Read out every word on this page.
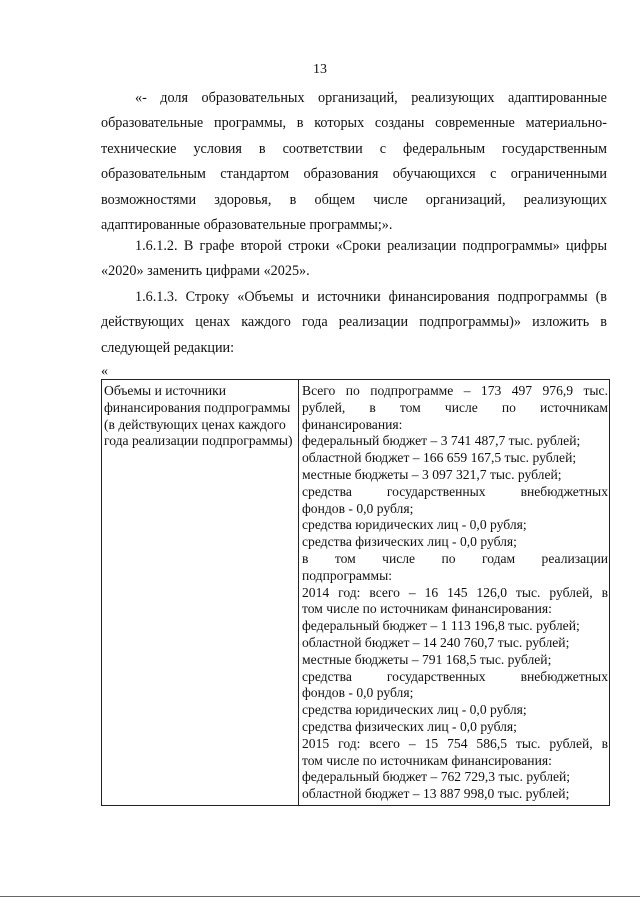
13

«- доля образовательных организаций, реализующих адаптированные образовательные программы, в которых созданы современные материально-технические условия в соответствии с федеральным государственным образовательным стандартом образования обучающихся с ограниченными возможностями здоровья, в общем числе организаций, реализующих адаптированные образовательные программы;».

1.6.1.2. В графе второй строки «Сроки реализации подпрограммы» цифры «2020» заменить цифрами «2025».

1.6.1.3. Строку «Объемы и источники финансирования подпрограммы (в действующих ценах каждого года реализации подпрограммы)» изложить в следующей редакции:

«

Объемы и источники финансирования подпрограммы (в действующих ценах каждого года реализации подпрограммы)

Всего по подпрограмме – 173 497 976,9 тыс.
рублей, в том числе по источникам
финансирования:
федеральный бюджет – 3 741 487,7 тыс. рублей;
областной бюджет – 166 659 167,5 тыс. рублей;
местные бюджеты – 3 097 321,7 тыс. рублей;
средства государственных внебюджетных
фондов - 0,0 рубля;
средства юридических лиц - 0,0 рубля;
средства физических лиц - 0,0 рубля;
в том числе по годам реализации
подпрограммы:
2014 год: всего – 16 145 126,0 тыс. рублей, в
том числе по источникам финансирования:
федеральный бюджет – 1 113 196,8 тыс. рублей;
областной бюджет – 14 240 760,7 тыс. рублей;
местные бюджеты – 791 168,5 тыс. рублей;
средства государственных внебюджетных
фондов - 0,0 рубля;
средства юридических лиц - 0,0 рубля;
средства физических лиц - 0,0 рубля;
2015 год: всего – 15 754 586,5 тыс. рублей, в
том числе по источникам финансирования:
федеральный бюджет – 762 729,3 тыс. рублей;
областной бюджет – 13 887 998,0 тыс. рублей;
